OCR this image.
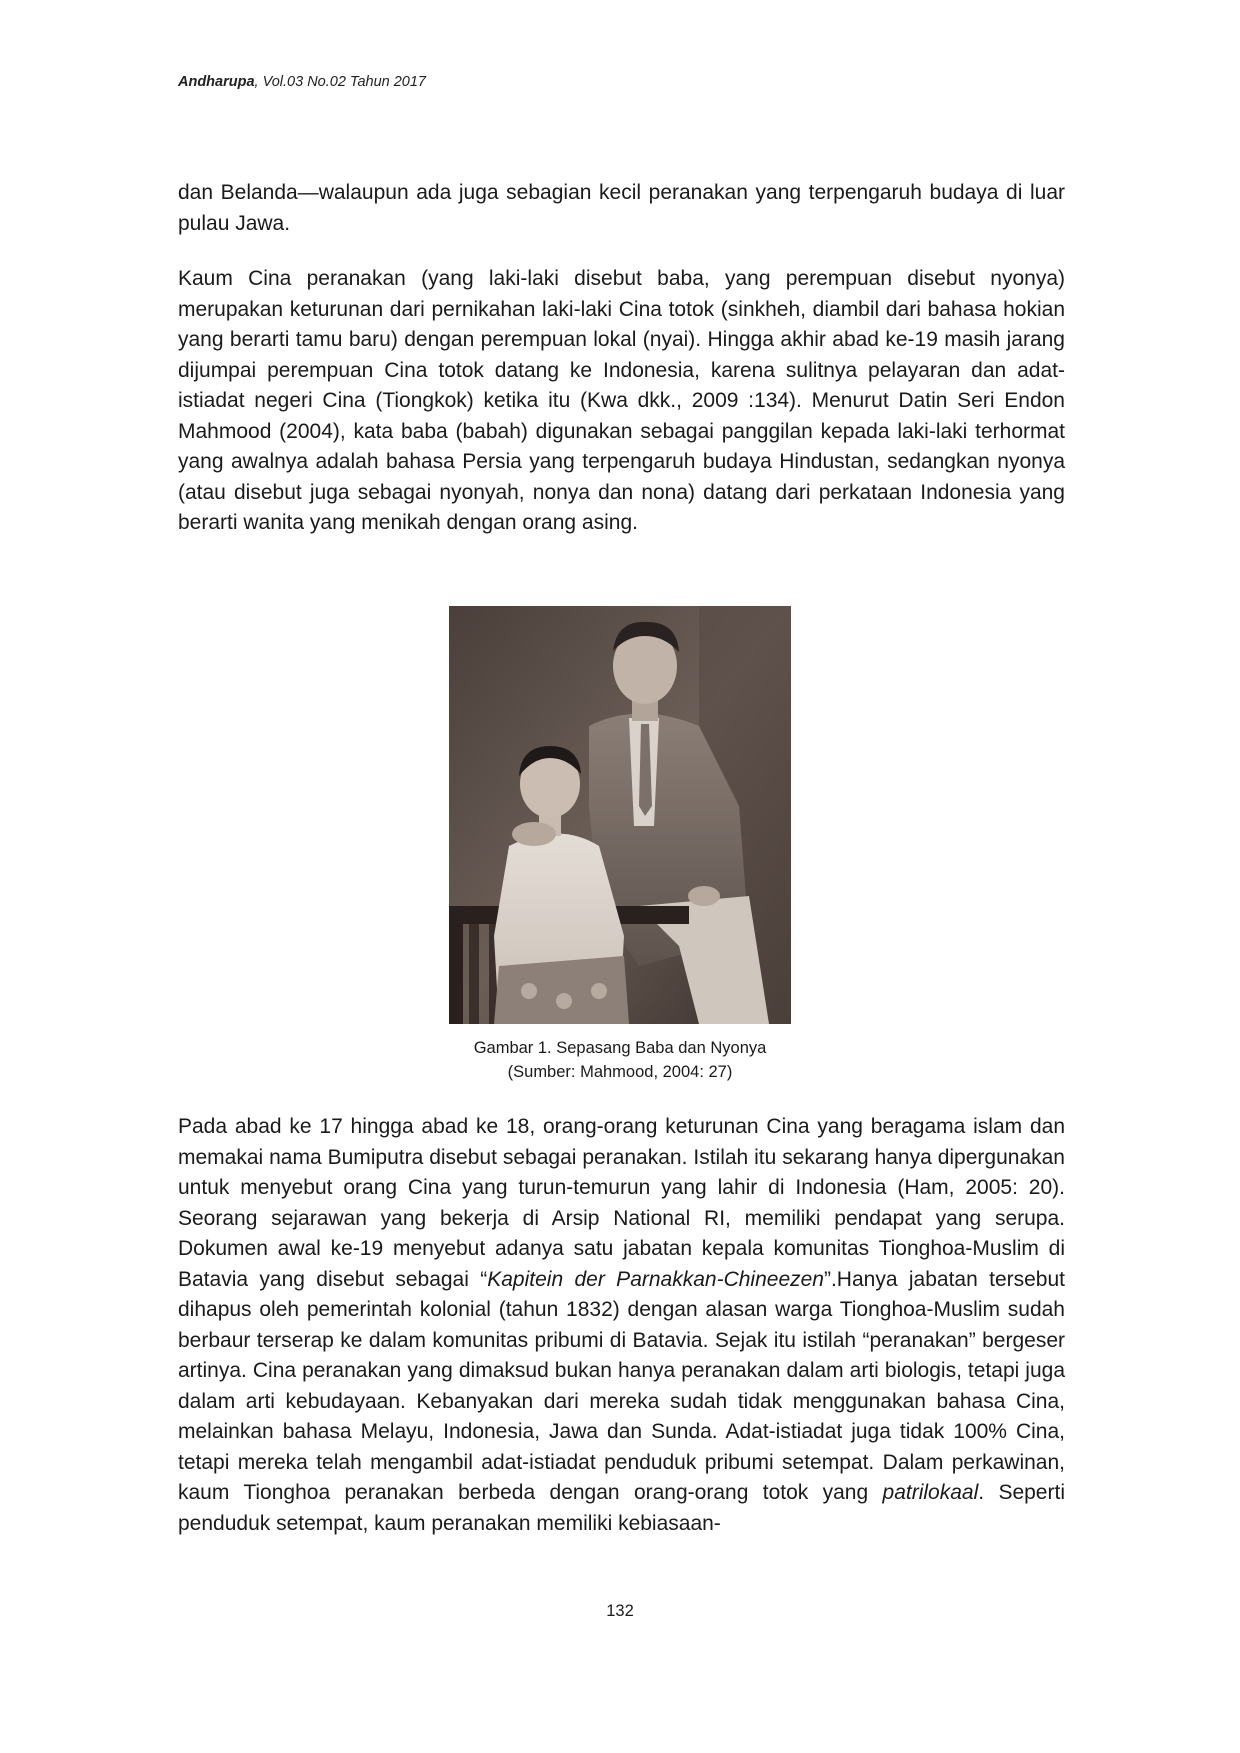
Andharupa, Vol.03 No.02 Tahun 2017

dan Belanda—walaupun ada juga sebagian kecil peranakan yang terpengaruh budaya di luar pulau Jawa.

Kaum Cina peranakan (yang laki-laki disebut baba, yang perempuan disebut nyonya) merupakan keturunan dari pernikahan laki-laki Cina totok (sinkheh, diambil dari bahasa hokian yang berarti tamu baru) dengan perempuan lokal (nyai). Hingga akhir abad ke-19 masih jarang dijumpai perempuan Cina totok datang ke Indonesia, karena sulitnya pelayaran dan adat-istiadat negeri Cina (Tiongkok) ketika itu (Kwa dkk., 2009 :134). Menurut Datin Seri Endon Mahmood (2004), kata baba (babah) digunakan sebagai panggilan kepada laki-laki terhormat yang awalnya adalah bahasa Persia yang terpengaruh budaya Hindustan, sedangkan nyonya (atau disebut juga sebagai nyonyah, nonya dan nona) datang dari perkataan Indonesia yang berarti wanita yang menikah dengan orang asing.

Gambar 1. Sepasang Baba dan Nyonya
(Sumber: Mahmood, 2004: 27)

Pada abad ke 17 hingga abad ke 18, orang-orang keturunan Cina yang beragama islam dan memakai nama Bumiputra disebut sebagai peranakan. Istilah itu sekarang hanya dipergunakan untuk menyebut orang Cina yang turun-temurun yang lahir di Indonesia (Ham, 2005: 20). Seorang sejarawan yang bekerja di Arsip National RI, memiliki pendapat yang serupa. Dokumen awal ke-19 menyebut adanya satu jabatan kepala komunitas Tionghoa-Muslim di Batavia yang disebut sebagai “Kapitein der Parnakkan-Chineezen”.Hanya jabatan tersebut dihapus oleh pemerintah kolonial (tahun 1832) dengan alasan warga Tionghoa-Muslim sudah berbaur terserap ke dalam komunitas pribumi di Batavia. Sejak itu istilah “peranakan” bergeser artinya. Cina peranakan yang dimaksud bukan hanya peranakan dalam arti biologis, tetapi juga dalam arti kebudayaan. Kebanyakan dari mereka sudah tidak menggunakan bahasa Cina, melainkan bahasa Melayu, Indonesia, Jawa dan Sunda. Adat-istiadat juga tidak 100% Cina, tetapi mereka telah mengambil adat-istiadat penduduk pribumi setempat. Dalam perkawinan, kaum Tionghoa peranakan berbeda dengan orang-orang totok yang patrilokaal. Seperti penduduk setempat, kaum peranakan memiliki kebiasaan-

132
